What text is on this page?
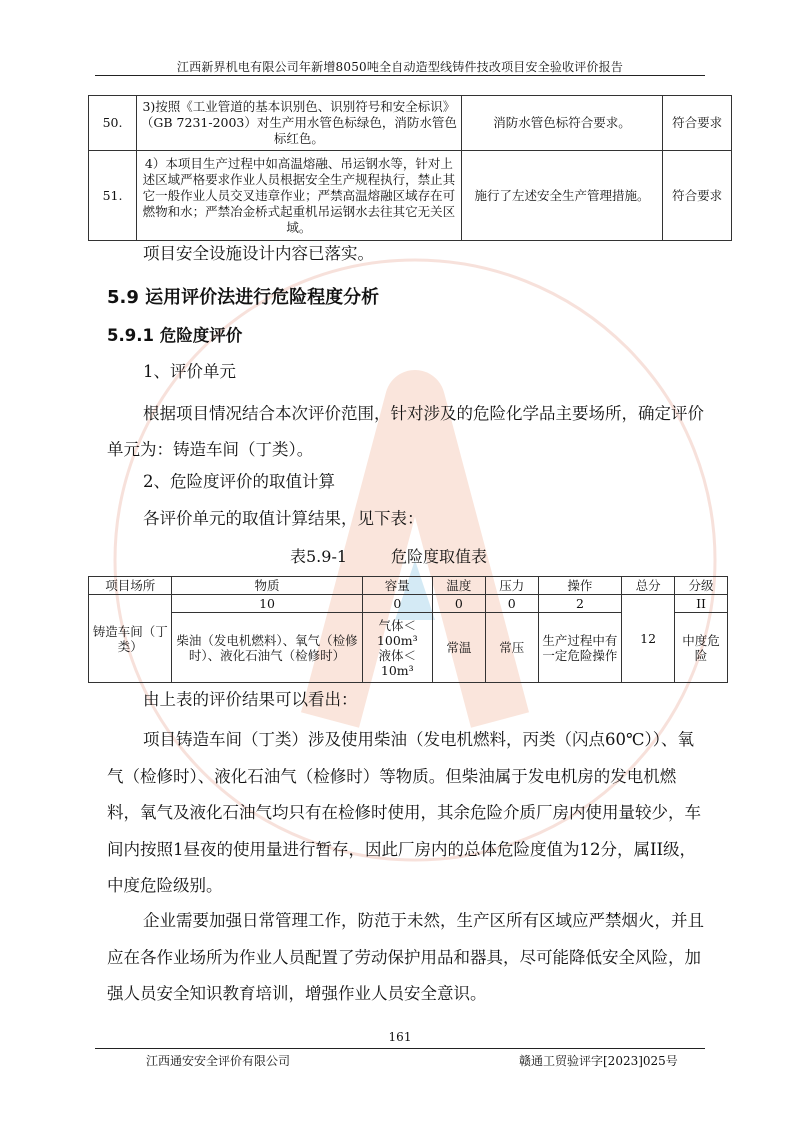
江西新界机电有限公司年新增8050吨全自动造型线铸件技改项目安全验收评价报告
50.	3)按照《工业管道的基本识别色、识别符号和安全标识》（GB 7231-2003）对生产用水管色标绿色，消防水管色标红色。	消防水管色标符合要求。	符合要求
51.	4）本项目生产过程中如高温熔融、吊运钢水等，针对上述区域严格要求作业人员根据安全生产规程执行，禁止其它一般作业人员交叉违章作业；严禁高温熔融区域存在可燃物和水；严禁冶金桥式起重机吊运钢水去往其它无关区域。	施行了左述安全生产管理措施。	符合要求
项目安全设施设计内容已落实。
5.9 运用评价法进行危险程度分析
5.9.1 危险度评价
1、评价单元
根据项目情况结合本次评价范围，针对涉及的危险化学品主要场所，确定评价单元为：铸造车间（丁类）。
2、危险度评价的取值计算
各评价单元的取值计算结果，见下表：
表5.9-1	危险度取值表
项目场所	物质	容量	温度	压力	操作	总分	分级
铸造车间（丁类）	10	0	0	0	2	12	II
	柴油（发电机燃料）、氧气（检修时）、液化石油气（检修时）	气体＜100m³
液体＜10m³	常温	常压	生产过程中有一定危险操作		中度危险
由上表的评价结果可以看出：
项目铸造车间（丁类）涉及使用柴油（发电机燃料，丙类（闪点60℃））、氧气（检修时）、液化石油气（检修时）等物质。但柴油属于发电机房的发电机燃料，氧气及液化石油气均只有在检修时使用，其余危险介质厂房内使用量较少，车间内按照1昼夜的使用量进行暂存，因此厂房内的总体危险度值为12分，属II级，中度危险级别。
企业需要加强日常管理工作，防范于未然，生产区所有区域应严禁烟火，并且应在各作业场所为作业人员配置了劳动保护用品和器具，尽可能降低安全风险，加强人员安全知识教育培训，增强作业人员安全意识。
161
江西通安安全评价有限公司	赣通工贸验评字[2023]025号
